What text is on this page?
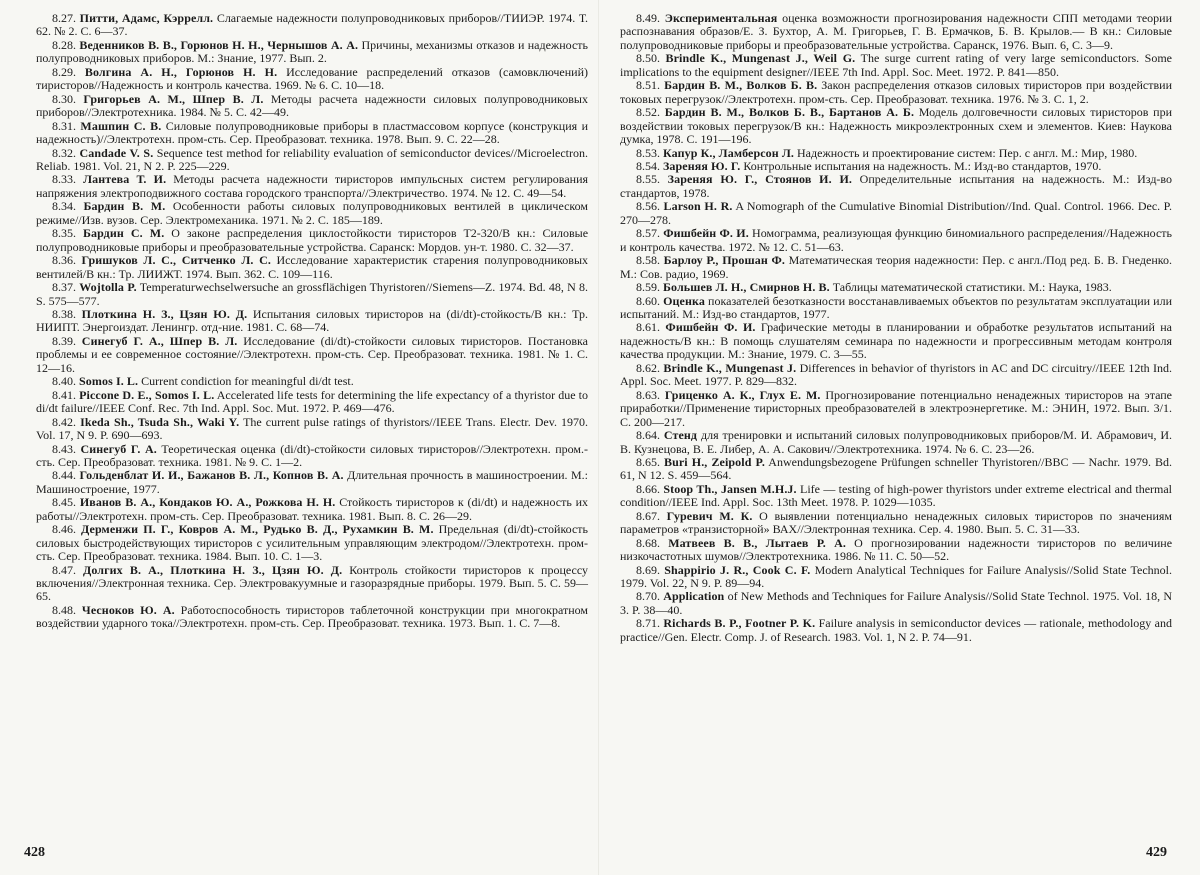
8.27. Питти, Адамс, Кэррелл. Слагаемые надежности полупроводниковых приборов//ТИИЭР. 1974. Т. 62. № 2. С. 6—37.

8.28. Веденников В. В., Горюнов Н. Н., Чернышов А. А. Причины, механизмы отказов и надежность полупроводниковых приборов. М.: Знание, 1977. Вып. 2.

8.29. Волгина А. Н., Горюнов Н. Н. Исследование распределений отказов (самовключений) тиристоров//Надежность и контроль качества. 1969. № 6. С. 10—18.

8.30. Григорьев А. М., Шпер В. Л. Методы расчета надежности силовых полупроводниковых приборов//Электротехника. 1984. № 5. С. 42—49.

8.31. Машпин С. В. Силовые полупроводниковые приборы в пластмассовом корпусе (конструкция и надежность)//Электротехн. пром-сть. Сер. Преобразоват. техника. 1978. Вып. 9. С. 22—28.

8.32. Candade V. S. Sequence test method for reliability evaluation of semiconductor devices//Microelectron. Reliab. 1981. Vol. 21, N 2. P. 225—229.

8.33. Лантева Т. И. Методы расчета надежности тиристоров импульсных систем регулирования напряжения электроподвижного состава городского транспорта//Электричество. 1974. № 12. С. 49—54.

8.34. Бардин В. М. Особенности работы силовых полупроводниковых вентилей в циклическом режиме//Изв. вузов. Сер. Электромеханика. 1971. № 2. С. 185—189.

8.35. Бардин С. М. О законе распределения циклостойкости тиристоров Т2-320/В кн.: Силовые полупроводниковые приборы и преобразовательные устройства. Саранск: Мордов. ун-т. 1980. С. 32—37.

8.36. Гришуков Л. С., Ситченко Л. С. Исследование характеристик старения полупроводниковых вентилей/В кн.: Тр. ЛИИЖТ. 1974. Вып. 362. С. 109—116.

8.37. Wojtolla P. Temperaturwechselwersuche an grossflächigen Thyristoren//Siemens—Z. 1974. Bd. 48, N 8. S. 575—577.

8.38. Плоткина Н. З., Цзян Ю. Д. Испытания силовых тиристоров на (di/dt)-стойкость/В кн.: Тр. НИИПТ. Энергоиздат. Ленингр. отд-ние. 1981. С. 68—74.

8.39. Синегуб Г. А., Шпер В. Л. Исследование (di/dt)-стойкости силовых тиристоров. Постановка проблемы и ее современное состояние//Электротехн. пром-сть. Сер. Преобразоват. техника. 1981. № 1. С. 12—16.

8.40. Somos I. L. Current condiction for meaningful di/dt test.

8.41. Piccone D. E., Somos I. L. Accelerated life tests for determining the life expectancy of a thyristor due to di/dt failure//IEEE Conf. Rec. 7th Ind. Appl. Soc. Mut. 1972. P. 469—476.

8.42. Ikeda Sh., Tsuda Sh., Waki Y. The current pulse ratings of thyristors//IEEE Trans. Electr. Dev. 1970. Vol. 17, N 9. P. 690—693.

8.43. Синегуб Г. А. Теоретическая оценка (di/dt)-стойкости силовых тиристоров//Электротехн. пром.-сть. Сер. Преобразоват. техника. 1981. № 9. С. 1—2.

8.44. Гольденблат И. И., Бажанов В. Л., Копнов В. А. Длительная прочность в машиностроении. М.: Машиностроение, 1977.

8.45. Иванов В. А., Кондаков Ю. А., Рожкова Н. Н. Стойкость тиристоров к (di/dt) и надежность их работы//Электротехн. пром-сть. Сер. Преобразоват. техника. 1981. Вып. 8. С. 26—29.

8.46. Дерменжи П. Г., Ковров А. М., Рудько В. Д., Рухамкин В. М. Предельная (di/dt)-стойкость силовых быстродействующих тиристоров с усилительным управляющим электродом//Электротехн. пром-сть. Сер. Преобразоват. техника. 1984. Вып. 10. С. 1—3.

8.47. Долгих В. А., Плоткина Н. З., Цзян Ю. Д. Контроль стойкости тиристоров к процессу включения//Электронная техника. Сер. Электровакуумные и газоразрядные приборы. 1979. Вып. 5. С. 59—65.

8.48. Чесноков Ю. А. Работоспособность тиристоров таблеточной конструкции при многократном воздействии ударного тока//Электротехн. пром-сть. Сер. Преобразоват. техника. 1973. Вып. 1. С. 7—8.

8.49. Экспериментальная оценка возможности прогнозирования надежности СПП методами теории распознавания образов/Е. З. Бухтор, А. М. Григорьев, Г. В. Ермачков, Б. В. Крылов.— В кн.: Силовые полупроводниковые приборы и преобразовательные устройства. Саранск, 1976. Вып. 6, С. 3—9.

8.50. Brindle K., Mungenast J., Weil G. The surge current rating of very large semiconductors. Some implications to the equipment designer//IEEE 7th Ind. Appl. Soc. Meet. 1972. P. 841—850.

8.51. Бардин В. М., Волков Б. В. Закон распределения отказов силовых тиристоров при воздействии токовых перегрузок//Электротехн. пром-сть. Сер. Преобразоват. техника. 1976. № 3. С. 1, 2.

8.52. Бардин В. М., Волков Б. В., Бартанов А. Б. Модель долговечности силовых тиристоров при воздействии токовых перегрузок/В кн.: Надежность микроэлектронных схем и элементов. Киев: Наукова думка, 1978. С. 191—196.

8.53. Капур К., Ламберсон Л. Надежность и проектирование систем: Пер. с англ. М.: Мир, 1980.

8.54. Зареняя Ю. Г. Контрольные испытания на надежность. М.: Изд-во стандартов, 1970.

8.55. Зареняя Ю. Г., Стоянов И. И. Определительные испытания на надежность. М.: Изд-во стандартов, 1978.

8.56. Larson H. R. A Nomograph of the Cumulative Binomial Distribution//Ind. Qual. Control. 1966. Dec. P. 270—278.

8.57. Фишбейн Ф. И. Номограмма, реализующая функцию биномиального распределения//Надежность и контроль качества. 1972. № 12. С. 51—63.

8.58. Барлоу Р., Прошан Ф. Математическая теория надежности: Пер. с англ./Под ред. Б. В. Гнеденко. М.: Сов. радио, 1969.

8.59. Большев Л. Н., Смирнов Н. В. Таблицы математической статистики. М.: Наука, 1983.

8.60. Оценка показателей безотказности восстанавливаемых объектов по результатам эксплуатации или испытаний. М.: Изд-во стандартов, 1977.

8.61. Фишбейн Ф. И. Графические методы в планировании и обработке результатов испытаний на надежность/В кн.: В помощь слушателям семинара по надежности и прогрессивным методам контроля качества продукции. М.: Знание, 1979. С. 3—55.

8.62. Brindle K., Mungenast J. Differences in behavior of thyristors in AC and DC circuitry//IEEE 12th Ind. Appl. Soc. Meet. 1977. P. 829—832.

8.63. Гриценко А. К., Глух Е. М. Прогнозирование потенциально ненадежных тиристоров на этапе приработки//Применение тиристорных преобразователей в электроэнергетике. М.: ЭНИН, 1972. Вып. 3/1. С. 200—217.

8.64. Стенд для тренировки и испытаний силовых полупроводниковых приборов/М. И. Абрамович, И. В. Кузнецова, В. Е. Либер, А. А. Сакович//Электротехника. 1974. № 6. С. 23—26.

8.65. Buri H., Zeipold P. Anwendungsbezogene Prüfungen schneller Thyristoren//BBC — Nachr. 1979. Bd. 61, N 12. S. 459—564.

8.66. Stoop Th., Jansen M.H.J. Life — testing of high-power thyristors under extreme electrical and thermal condition//IEEE Ind. Appl. Soc. 13th Meet. 1978. P. 1029—1035.

8.67. Гуревич М. К. О выявлении потенциально ненадежных силовых тиристоров по значениям параметров «транзисторной» ВАХ//Электронная техника. Сер. 4. 1980. Вып. 5. С. 31—33.

8.68. Матвеев В. В., Лытаев Р. А. О прогнозировании надежности тиристоров по величине низкочастотных шумов//Электротехника. 1986. № 11. С. 50—52.

8.69. Shappirio J. R., Cook C. F. Modern Analytical Techniques for Failure Analysis//Solid State Technol. 1979. Vol. 22, N 9. P. 89—94.

8.70. Application of New Methods and Techniques for Failure Analysis//Solid State Technol. 1975. Vol. 18, N 3. P. 38—40.

8.71. Richards B. P., Footner P. K. Failure analysis in semiconductor devices — rationale, methodology and practice//Gen. Electr. Comp. J. of Research. 1983. Vol. 1, N 2. P. 74—91.

428	429
